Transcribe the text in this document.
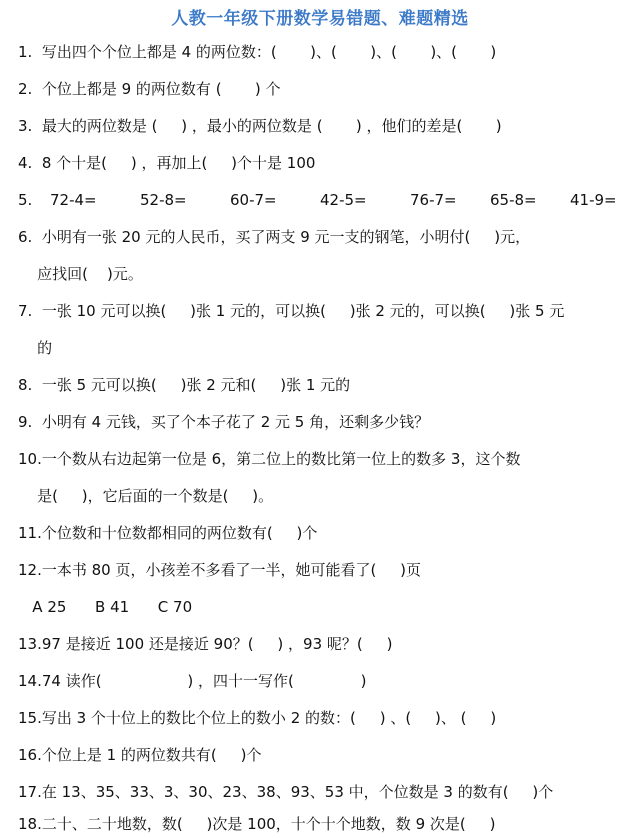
人教一年级下册数学易错题、难题精选
1.  写出四个个位上都是 4 的两位数：(       )、(       )、(       )、(       )
2.  个位上都是 9 的两位数有 (       ) 个
3.  最大的两位数是 (     ) ，最小的两位数是 (       ) ，他们的差是(       )
4.  8 个十是(     ) ，再加上(     )个十是 100
5. 72-4=	52-8=	60-7=	42-5=	76-7= 65-8= 41-9=
6.  小明有一张 20 元的人民币，买了两支 9 元一支的钢笔，小明付(     )元，
应找回(    )元。
7.  一张 10 元可以换(     )张 1 元的，可以换(     )张 2 元的，可以换(     )张 5 元
的
8.  一张 5 元可以换(     )张 2 元和(     )张 1 元的
9.  小明有 4 元钱，买了个本子花了 2 元 5 角，还剩多少钱？
10.一个数从右边起第一位是 6，第二位上的数比第一位上的数多 3，这个数
是(     )，它后面的一个数是(     )。
11.个位数和十位数都相同的两位数有(     )个
12.一本书 80 页，小孩差不多看了一半，她可能看了(     )页
A 25      B 41      C 70
13.97 是接近 100 还是接近 90？(     ) ，93 呢？(     )
14.74 读作(                  ) ，四十一写作(              )
15.写出 3 个十位上的数比个位上的数小 2 的数：(     ) 、(     )、 (     )
16.个位上是 1 的两位数共有(     )个
17.在 13、35、33、3、30、23、38、93、53 中，个位数是 3 的数有(     )个
18.二十、二十地数，数(     )次是 100，十个十个地数，数 9 次是(     )
